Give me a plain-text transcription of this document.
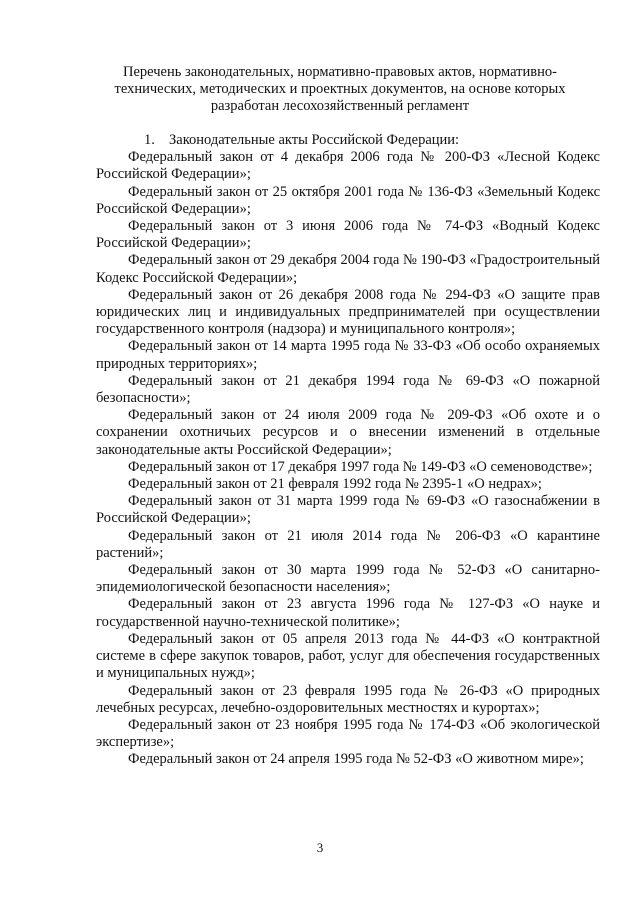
Перечень законодательных, нормативно-правовых актов, нормативно-
технических, методических и проектных документов, на основе которых
разработан лесохозяйственный регламент

1. Законодательные акты Российской Федерации:

Федеральный закон от 4 декабря 2006 года № 200-ФЗ «Лесной Кодекс Российской Федерации»;

Федеральный закон от 25 октября 2001 года № 136-ФЗ «Земельный Кодекс Российской Федерации»;

Федеральный закон от 3 июня 2006 года № 74-ФЗ «Водный Кодекс Российской Федерации»;

Федеральный закон от 29 декабря 2004 года № 190-ФЗ «Градостроительный Кодекс Российской Федерации»;

Федеральный закон от 26 декабря 2008 года № 294-ФЗ «О защите прав юридических лиц и индивидуальных предпринимателей при осуществлении государственного контроля (надзора) и муниципального контроля»;

Федеральный закон от 14 марта 1995 года № 33-ФЗ «Об особо охраняемых природных территориях»;

Федеральный закон от 21 декабря 1994 года № 69-ФЗ «О пожарной безопасности»;

Федеральный закон от 24 июля 2009 года № 209-ФЗ «Об охоте и о сохранении охотничьих ресурсов и о внесении изменений в отдельные законодательные акты Российской Федерации»;

Федеральный закон от 17 декабря 1997 года № 149-ФЗ «О семеноводстве»;

Федеральный закон от 21 февраля 1992 года № 2395-1 «О недрах»;

Федеральный закон от 31 марта 1999 года № 69-ФЗ «О газоснабжении в Российской Федерации»;

Федеральный закон от 21 июля 2014 года № 206-ФЗ «О карантине растений»;

Федеральный закон от 30 марта 1999 года № 52-ФЗ «О санитарно-эпидемиологической безопасности населения»;

Федеральный закон от 23 августа 1996 года № 127-ФЗ «О науке и государственной научно-технической политике»;

Федеральный закон от 05 апреля 2013 года № 44-ФЗ «О контрактной системе в сфере закупок товаров, работ, услуг для обеспечения государственных и муниципальных нужд»;

Федеральный закон от 23 февраля 1995 года № 26-ФЗ «О природных лечебных ресурсах, лечебно-оздоровительных местностях и курортах»;

Федеральный закон от 23 ноября 1995 года № 174-ФЗ «Об экологической экспертизе»;

Федеральный закон от 24 апреля 1995 года № 52-ФЗ «О животном мире»;

3
